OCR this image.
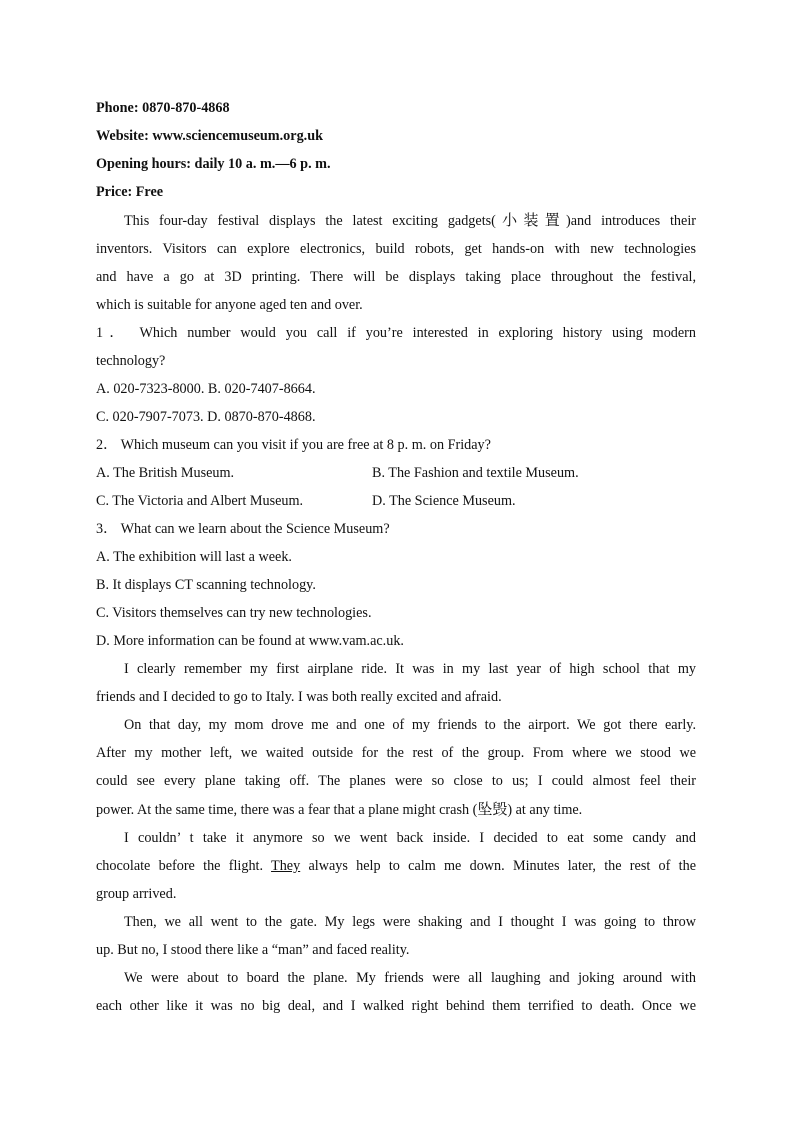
Phone: 0870-870-4868
Website: www.sciencemuseum.org.uk
Opening hours: daily 10 a. m.—6 p. m.
Price: Free
This four-day festival displays the latest exciting gadgets(小装置)and introduces their
inventors. Visitors can explore electronics, build robots, get hands-on with new technologies
and have a go at 3D printing. There will be displays taking place throughout the festival,
which is suitable for anyone aged ten and over.
1． Which number would you call if you’re interested in exploring history using modern
technology?
A. 020-7323-8000. B. 020-7407-8664.
C. 020-7907-7073. D. 0870-870-4868.
2． Which museum can you visit if you are free at 8 p. m. on Friday?
A. The British Museum.	B. The Fashion and textile Museum.
C. The Victoria and Albert Museum.	D. The Science Museum.
3． What can we learn about the Science Museum?
A. The exhibition will last a week.
B. It displays CT scanning technology.
C. Visitors themselves can try new technologies.
D. More information can be found at www.vam.ac.uk.
I clearly remember my first airplane ride. It was in my last year of high school that my
friends and I decided to go to Italy. I was both really excited and afraid.
On that day, my mom drove me and one of my friends to the airport. We got there early.
After my mother left, we waited outside for the rest of the group. From where we stood we
could see every plane taking off. The planes were so close to us; I could almost feel their
power. At the same time, there was a fear that a plane might crash (坠毁) at any time.
I couldn’ t take it anymore so we went back inside. I decided to eat some candy and
chocolate before the flight. They always help to calm me down. Minutes later, the rest of the
group arrived.
Then, we all went to the gate. My legs were shaking and I thought I was going to throw
up. But no, I stood there like a “man” and faced reality.
We were about to board the plane. My friends were all laughing and joking around with
each other like it was no big deal, and I walked right behind them terrified to death. Once we
